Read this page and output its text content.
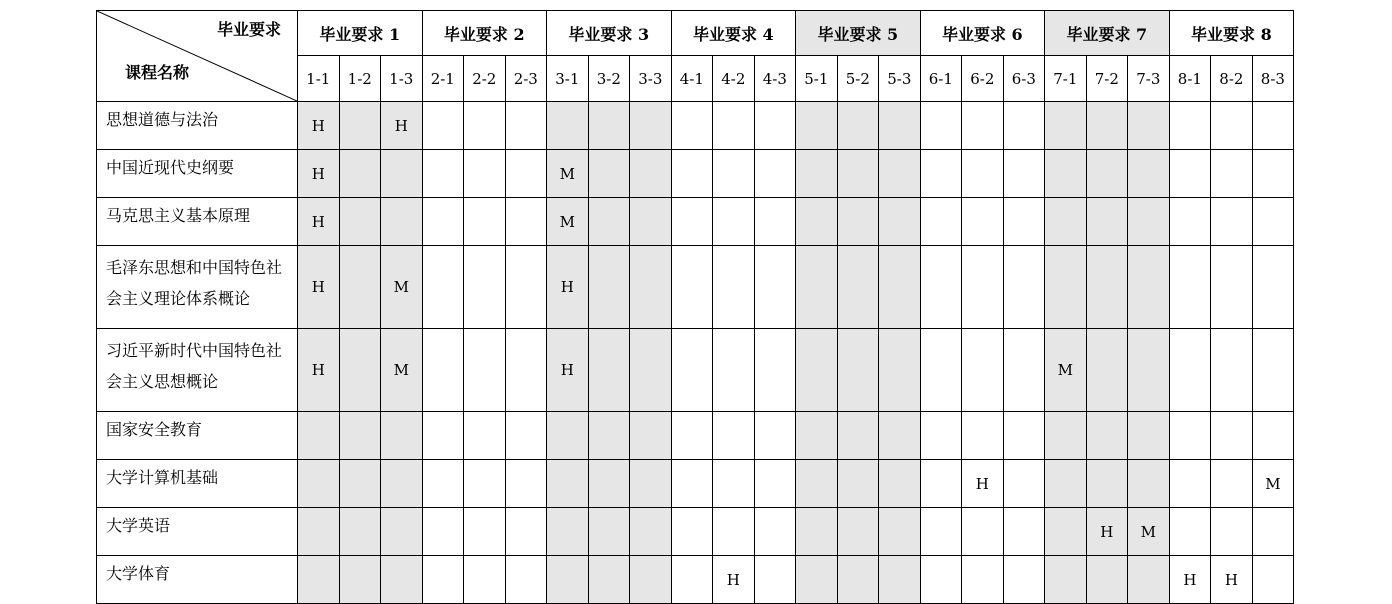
毕业要求
课程名称	毕业要求 1			毕业要求 2			毕业要求 3			毕业要求 4			毕业要求 5			毕业要求 6			毕业要求 7			毕业要求 8		
	1-1	1-2	1-3	2-1	2-2	2-3	3-1	3-2	3-3	4-1	4-2	4-3	5-1	5-2	5-3	6-1	6-2	6-3	7-1	7-2	7-3	8-1	8-2	8-3
思想道德与法治	H		H																					
中国近现代史纲要	H						M																	
马克思主义基本原理	H						M																	
毛泽东思想和中国特色社会主义理论体系概论	H		M				H																	
习近平新时代中国特色社会主义思想概论	H		M				H												M					
国家安全教育																								
大学计算机基础																	H							M
大学英语																				H	M			
大学体育											H											H	H	
